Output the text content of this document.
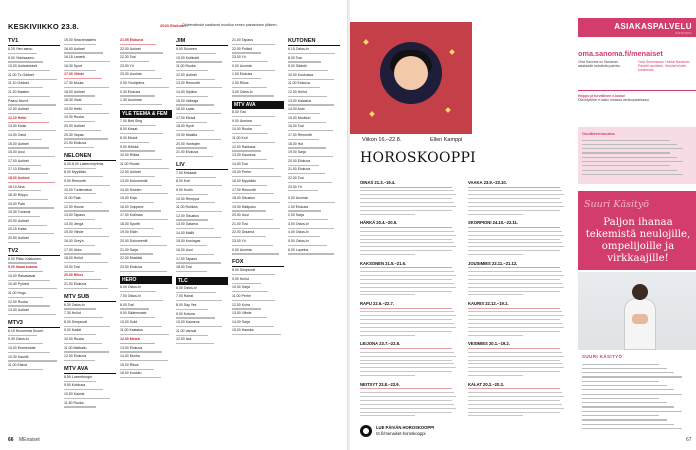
KESKIVIIKKO 23.8.	2023 Elokuun
Ohjelmatiedot saattavat muuttua ennen painamisen jälkeen.
TV1
6.25 Yien aamu.
9.00 Ykkösaamu.
10.00 Uutisvinkkeli
11.00 Tv-Oddset.
11.10 Oddset.
11.20 Maaten.
Paavo Nurmi
12.00 Uutiset
12.10 Hetki
13.00 Kiosk
14.00 Ostot
15.00 Uutiset
16.00 Uusi
17.00 Uutiset
17.10 Elämän
18.00 Uutiset
18.10 Aina
18.30 Riippu
19.00 Pala
19.30 Tummat
20.00 Uutiset
20.15 Kaisa
20.50 Uutiset
TV2
6.00 Pikku Kakkonen.
9.20 Ihana kotona
10.00 Rakastavat
10.40 Pyöreä
11.00 Hugo
12.00 Ruoka
13.00 Uutiset
MTV3
6.15 Huomenta Suomi.
9.30 Ostos-tv.
10.00 Emmerdale
10.30 Kauniit
11.00 Etsivä
15.00 Seachmasters
16.00 Uutiset
16.15 Lanerik
16.30 Sport
17.00 Viihde
17.30 Muuta
18.00 Uutiset
18.30 Vivat
19.00 Hetki
19.30 Ruoka
20.00 Uutiset
20.30 Vapaa
21.00 Elokuva
NELONEN
6.00-8.00 Lastenohjelmia
8.00 Myydään
9.00 Remontti
10.00 Tuntematon
11.00 Pala
12.00 House
13.00 Tapaus
14.00 Jenga
15.00 Viihde
16.00 Grey's
17.00 Ukko
18.00 Hullut
19.00 Tosi
20.00 Rikos
21.00 Elokuva
MTV SUB
6.30 Ostos-tv
7.30 Hullut
8.00 Simpsonit
9.00 Kaikki
10.00 Ruoka
11.00 Matkailu
12.00 Elokuva
MTV AVA
8.55 Luxemburgin
9.50 Kotikuva
10.50 Kaunis
11.50 Ruoka
21.05 Elokuva
22.00 Uutiset
22.30 Tosi
23.00 Yö
23.30 Uusinta
0.00 Yöohjelma
0.30 Elokuva
1.30 Uusinnat
YLE TEEMA & FEM
7.00 Bird Sing
8.00 Kissat
8.30 Etsivä
9.00 Hölkkä
10.00 Riikka
11.00 Ruotsi
12.00 Uutiset
13.00 Dokumentti
14.00 Sininen
15.00 Kirja
16.00 Ooppera
17.00 Kotimaa
18.00 Sportti
19.00 Eläin
20.00 Dokumentti
21.00 Sarja
22.00 Musiikki
23.00 Elokuva
HERO
6.00 Ostos-tv
7.00 Ostos-tv
8.00 Tosi
9.00 Sääennuste
10.00 Gold
11.00 Kalastus
12.00 Metsä
13.00 Elokuva
14.00 Murha
15.00 Rikos
16.00 Koukku
JIM
9.00 Suomen
10.00 Kotikokit
11.00 Ruoka
12.00 Uutiset
13.00 Remontti
14.00 Sijoitus
15.00 Vaihtaja
16.00 Laatu
17.00 Etsivä
18.00 Hyvä
19.00 Maatila
20.00 Vanhojen
21.00 Elokuva
LIV
7.00 Kirkkaat
8.00 Koti
9.00 Kodin
10.00 Remppa
11.00 Rohkea
12.00 Sisustus
13.00 Satama
14.00 Mallit
15.00 Kuningas
16.00 Uusi
17.00 Tapaus
18.00 Tosi
TLC
6.00 Ostos-tv
7.00 Rahat
8.00 Say Yes
9.00 Kotona
10.00 Kauneus
11.00 Vauvat
12.00 Isot
21.00 Tapaus
22.00 Poliisit
23.00 Yö
0.00 Uusinta
1.00 Elokuva
2.00 Rikos
3.00 Ostos-tv
MTV AVA
8.30 Tosi
9.00 Unelma
10.00 Ruoka
11.00 Koti
12.00 Rakkaus
13.00 Kauneus
14.00 Tosi
15.00 Perhe
16.00 Myydään
17.00 Remontti
18.00 Sisustus
19.00 Hääpuku
20.00 Uusi
21.00 Tosi
22.00 Draama
23.00 Yö
0.00 Uusinta
FOX
8.00 Simpsonit
9.00 Hullut
10.00 Sarja
11.00 Perhe
12.00 Koira
13.00 Viihde
14.00 Sarja
15.00 Hauska
KUTONEN
6.15 Ostos-tv
8.00 Tosi
9.00 Sääntö
10.00 Koukussa
11.00 Elokuva
12.00 Hullut
13.00 Kalastus
14.00 Auto
15.00 Moottori
16.00 Tosi
17.00 Remontti
18.00 Hot
19.00 Sarja
20.00 Elokuva
21.00 Elokuva
22.00 Tosi
23.00 Yö
0.00 Uusinta
1.00 Elokuva
2.00 Sarja
3.00 Ostos-tv
4.00 Ostos-tv
5.00 Ostos-tv
6.00 Lopetus
66 MEnaiset
Viikon 16.–22.8.	Ellen Kamppi
HOROSKOOPPI
OINAS 21.3.–19.4.
HÄRKÄ 20.4.–20.5.
KAKSONEN 21.5.–21.6.
RAPU 22.6.–22.7.
LEIJONA 23.7.–22.8.
NEITSYT 23.8.–22.9.
VAAKA 23.9.–23.10.
SKORPIONI 24.10.–22.11.
JOUSIMIES 23.11.–21.12.
KAURIS 22.12.–19.1.
VESIMIES 20.1.–19.2.
KALAT 20.2.–20.3.
LUE PÄIVÄN HOROSKOOPPI
IS.fi/menaiset-horoskooppi
ASIAKASPALVELU
SANOMA
oma.sanoma.fi/menaiset
Oma Sanoma on Sanoman asiakkaille tarkoitettu palvelu.
Oma Sanomassa: Hoidat tilauksesi, Päivität osoitteen, Ilmoitat lehden puutteesta
Helppo ja turvallinen e-lasku!
Ota käyttöön e-lasku omassa verkkopankissasi.
Osoitteenmuutos
Suuri Käsityö
Paljon ihanaa tekemistä neulojille, ompelijoille ja virkkaajille!
SUURI KÄSITYÖ
67
